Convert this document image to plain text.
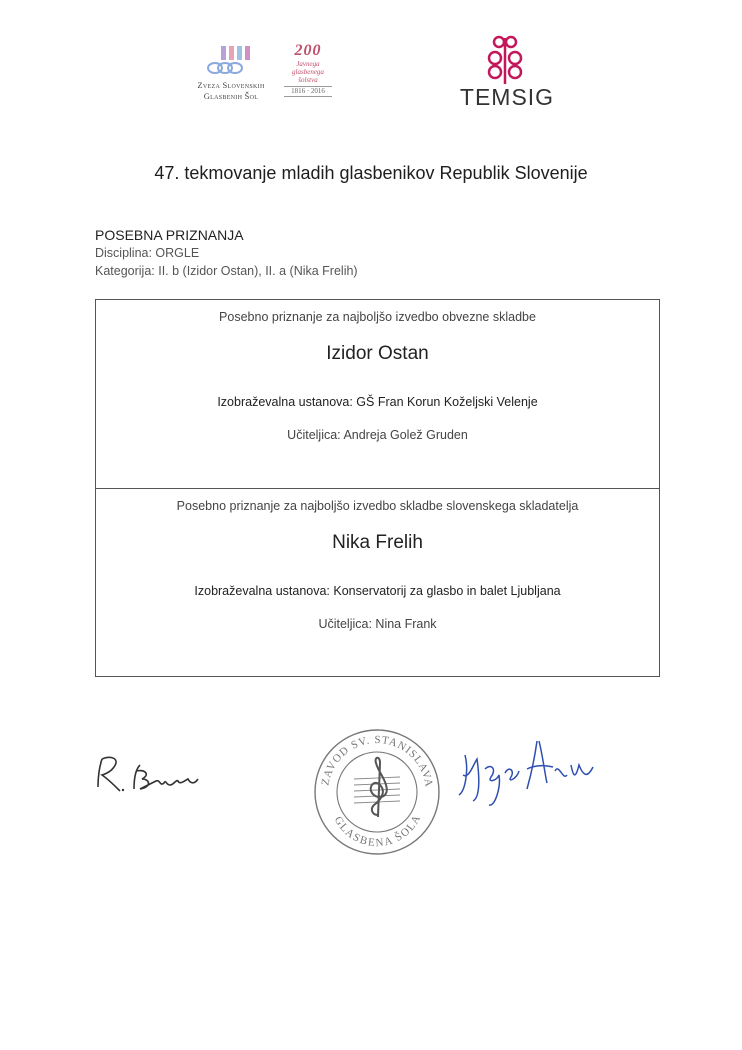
Zveza Slovenskih
Glasbenih Šol
200
Javnega
glasbenega
šolstva
1816 · 2016	TEMSIG
47. tekmovanje mladih glasbenikov Republik Slovenije
POSEBNA PRIZNANJA
Disciplina: ORGLE
Kategorija: II. b (Izidor Ostan), II. a (Nika Frelih)
Posebno priznanje za najboljšo izvedbo obvezne skladbe
Izidor Ostan
Izobraževalna ustanova: GŠ Fran Korun Koželjski Velenje
Učiteljica: Andreja Golež Gruden
Posebno priznanje za najboljšo izvedbo skladbe slovenskega skladatelja
Nika Frelih
Izobraževalna ustanova: Konservatorij za glasbo in balet Ljubljana
Učiteljica: Nina Frank
ZAVOD SV. STANISLAVA
GLASBENA ŠOLA
